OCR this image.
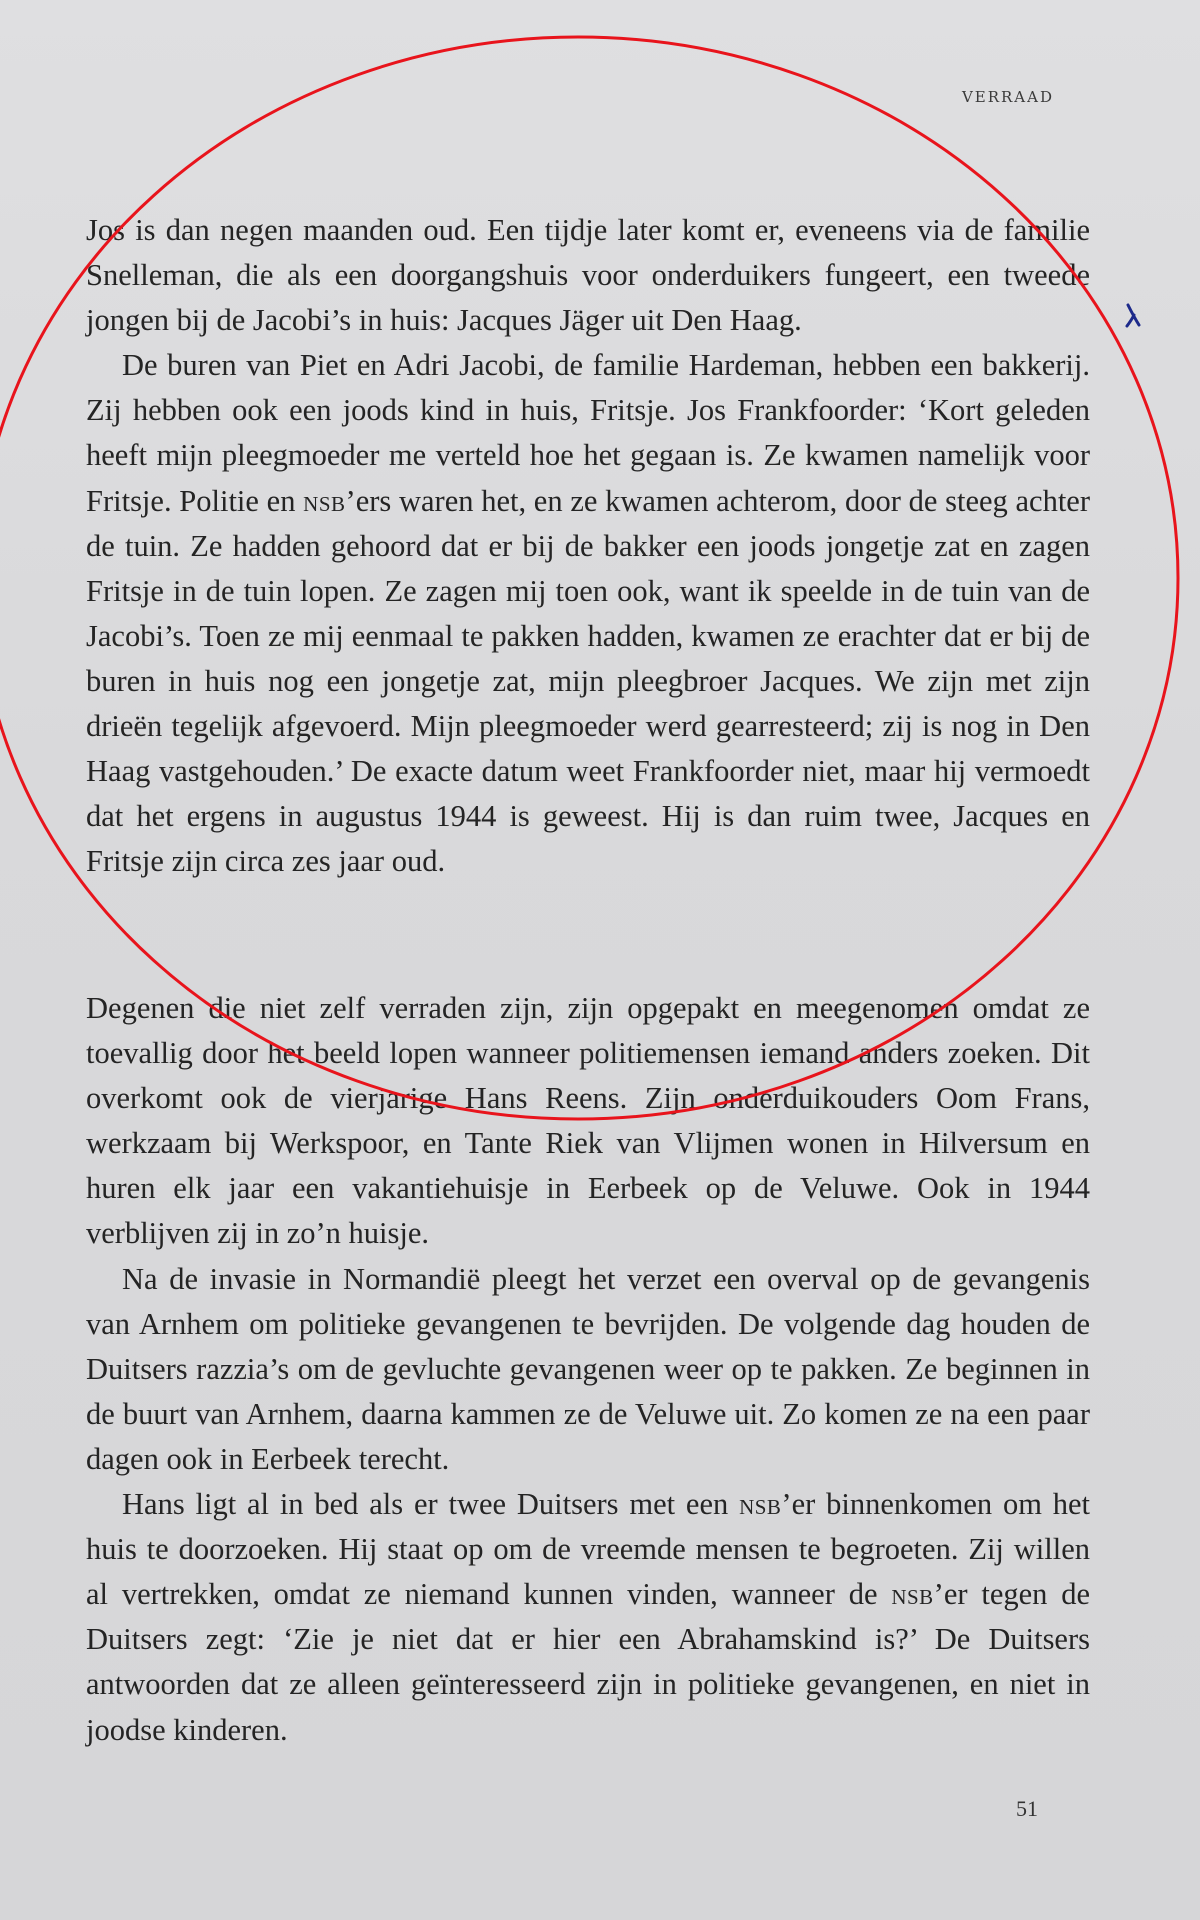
VERRAAD

Jos is dan negen maanden oud. Een tijdje later komt er, eveneens via de familie Snelleman, die als een doorgangshuis voor onderduikers fungeert, een tweede jongen bij de Jacobi’s in huis: Jacques Jäger uit Den Haag.

De buren van Piet en Adri Jacobi, de familie Hardeman, hebben een bakkerij. Zij hebben ook een joods kind in huis, Fritsje. Jos Frankfoorder: ‘Kort geleden heeft mijn pleegmoeder me verteld hoe het gegaan is. Ze kwamen namelijk voor Fritsje. Politie en nsb’ers waren het, en ze kwamen achterom, door de steeg achter de tuin. Ze hadden gehoord dat er bij de bakker een joods jongetje zat en zagen Fritsje in de tuin lopen. Ze zagen mij toen ook, want ik speelde in de tuin van de Jacobi’s. Toen ze mij eenmaal te pakken hadden, kwamen ze erachter dat er bij de buren in huis nog een jongetje zat, mijn pleegbroer Jacques. We zijn met zijn drieën tegelijk afgevoerd. Mijn pleegmoeder werd gearresteerd; zij is nog in Den Haag vastgehouden.’ De exacte datum weet Frankfoorder niet, maar hij vermoedt dat het ergens in augustus 1944 is geweest. Hij is dan ruim twee, Jacques en Fritsje zijn circa zes jaar oud.

Degenen die niet zelf verraden zijn, zijn opgepakt en meegenomen omdat ze toevallig door het beeld lopen wanneer politiemensen iemand anders zoeken. Dit overkomt ook de vierjarige Hans Reens. Zijn onderduikouders Oom Frans, werkzaam bij Werkspoor, en Tante Riek van Vlijmen wonen in Hilversum en huren elk jaar een vakantiehuisje in Eerbeek op de Veluwe. Ook in 1944 verblijven zij in zo’n huisje.

Na de invasie in Normandië pleegt het verzet een overval op de gevangenis van Arnhem om politieke gevangenen te bevrijden. De volgende dag houden de Duitsers razzia’s om de gevluchte gevangenen weer op te pakken. Ze beginnen in de buurt van Arnhem, daarna kammen ze de Veluwe uit. Zo komen ze na een paar dagen ook in Eerbeek terecht.

Hans ligt al in bed als er twee Duitsers met een nsb’er binnenkomen om het huis te doorzoeken. Hij staat op om de vreemde mensen te begroeten. Zij willen al vertrekken, omdat ze niemand kunnen vinden, wanneer de nsb’er tegen de Duitsers zegt: ‘Zie je niet dat er hier een Abrahamskind is?’ De Duitsers antwoorden dat ze alleen geïnteresseerd zijn in politieke gevangenen, en niet in joodse kinderen.

51
